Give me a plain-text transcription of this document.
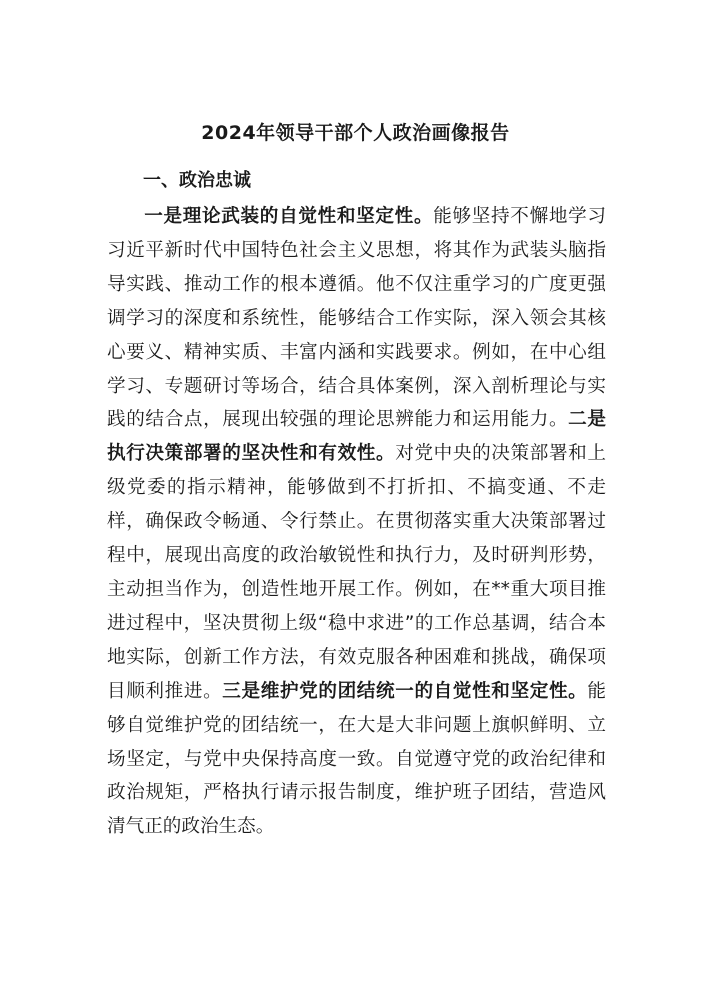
2024年领导干部个人政治画像报告
一、政治忠诚

一是理论武装的自觉性和坚定性。能够坚持不懈地学习习近平新时代中国特色社会主义思想，将其作为武装头脑指导实践、推动工作的根本遵循。他不仅注重学习的广度更强调学习的深度和系统性，能够结合工作实际，深入领会其核心要义、精神实质、丰富内涵和实践要求。例如，在中心组学习、专题研讨等场合，结合具体案例，深入剖析理论与实践的结合点，展现出较强的理论思辨能力和运用能力。二是执行决策部署的坚决性和有效性。对党中央的决策部署和上级党委的指示精神，能够做到不打折扣、不搞变通、不走样，确保政令畅通、令行禁止。在贯彻落实重大决策部署过程中，展现出高度的政治敏锐性和执行力，及时研判形势，主动担当作为，创造性地开展工作。例如，在**重大项目推进过程中，坚决贯彻上级“稳中求进”的工作总基调，结合本地实际，创新工作方法，有效克服各种困难和挑战，确保项目顺利推进。三是维护党的团结统一的自觉性和坚定性。能够自觉维护党的团结统一，在大是大非问题上旗帜鲜明、立场坚定，与党中央保持高度一致。自觉遵守党的政治纪律和政治规矩，严格执行请示报告制度，维护班子团结，营造风清气正的政治生态。
